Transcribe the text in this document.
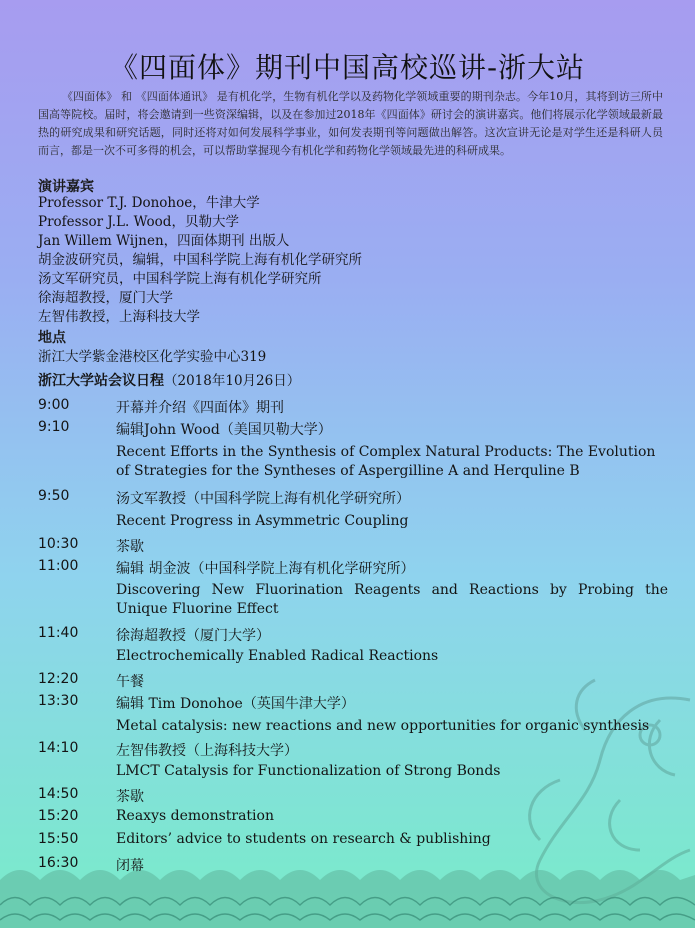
《四面体》期刊中国高校巡讲-浙大站
《四面体》 和 《四面体通讯》 是有机化学，生物有机化学以及药物化学领域重要的期刊杂志。今年10月，其将到访三所中国高等院校。届时，将会邀请到一些资深编辑，以及在参加过2018年《四面体》研讨会的演讲嘉宾。他们将展示化学领域最新最热的研究成果和研究话题，同时还将对如何发展科学事业，如何发表期刊等问题做出解答。这次宣讲无论是对学生还是科研人员而言，都是一次不可多得的机会，可以帮助掌握现今有机化学和药物化学领域最先进的科研成果。
演讲嘉宾
Professor T.J. Donohoe，牛津大学
Professor J.L. Wood，贝勒大学
Jan Willem Wijnen，四面体期刊 出版人
胡金波研究员，编辑，中国科学院上海有机化学研究所
汤文军研究员，中国科学院上海有机化学研究所
徐海超教授，厦门大学
左智伟教授，上海科技大学
地点
浙江大学紫金港校区化学实验中心319
浙江大学站会议日程（2018年10月26日）
9:00	开幕并介绍《四面体》期刊
9:10	编辑John Wood（美国贝勒大学）
Recent Efforts in the Synthesis of Complex Natural Products: The Evolution of Strategies for the Syntheses of Aspergilline A and Herquline B
9:50	汤文军教授（中国科学院上海有机化学研究所）
Recent Progress in Asymmetric Coupling
10:30	茶歇
11:00	编辑 胡金波（中国科学院上海有机化学研究所）
Discovering New Fluorination Reagents and Reactions by Probing the Unique Fluorine Effect
11:40	徐海超教授（厦门大学）
Electrochemically Enabled Radical Reactions
12:20	午餐
13:30	编辑 Tim Donohoe（英国牛津大学）
Metal catalysis: new reactions and new opportunities for organic synthesis
14:10	左智伟教授（上海科技大学）
LMCT Catalysis for Functionalization of Strong Bonds
14:50	茶歇
15:20	Reaxys demonstration
15:50	Editors’ advice to students on research & publishing
16:30	闭幕
